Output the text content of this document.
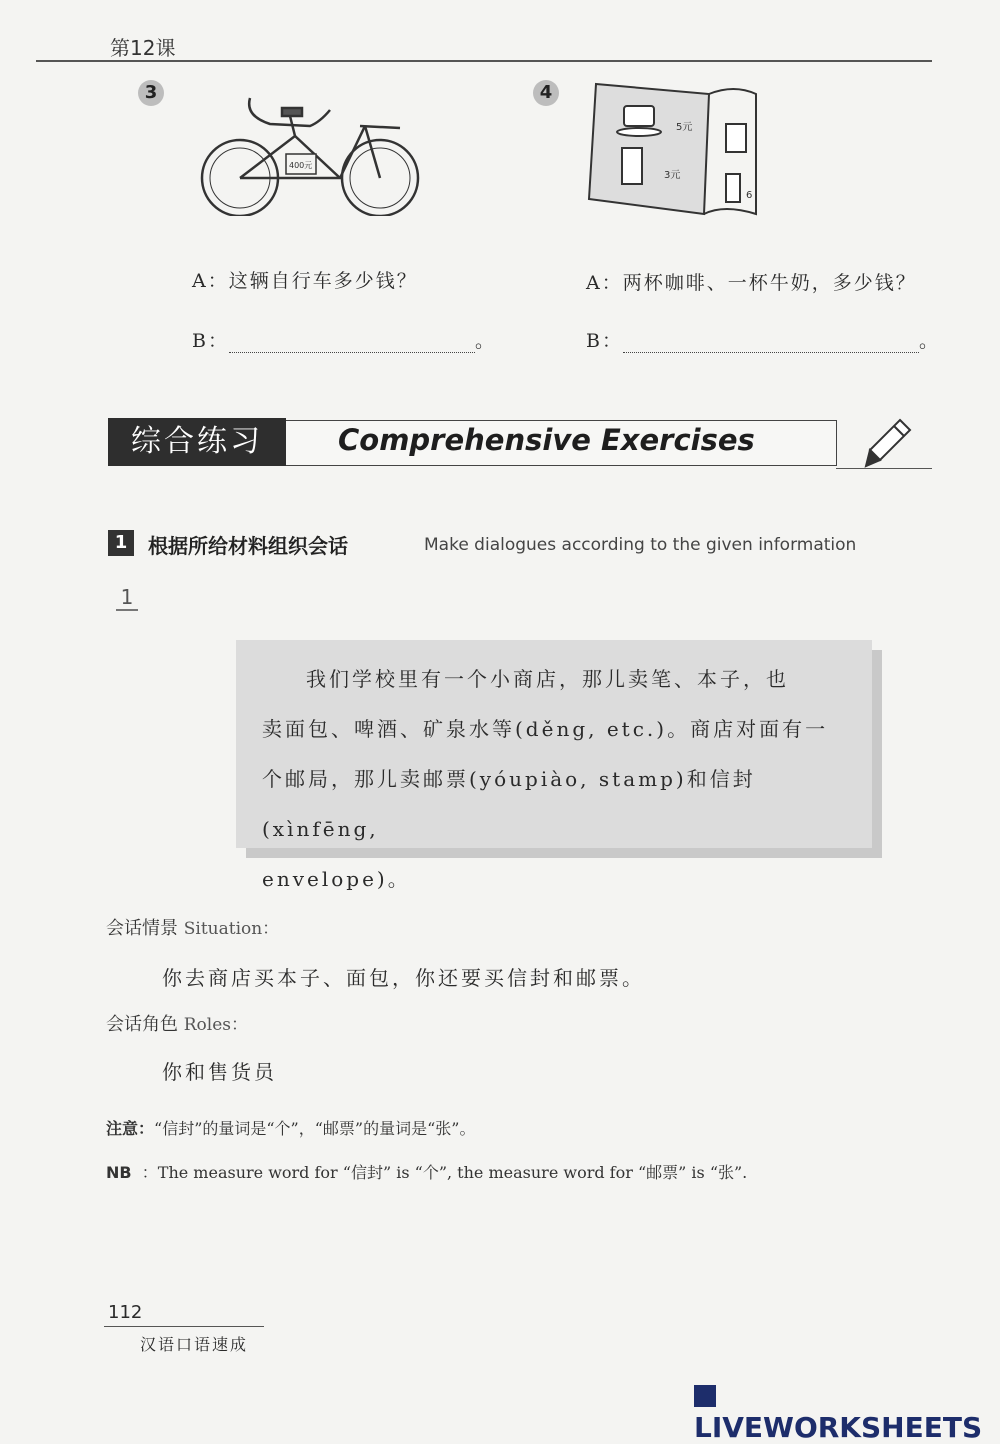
第12课
3
400元
A：这辆自行车多少钱？
B：	。
4
5元
3元
6
A：两杯咖啡、一杯牛奶，多少钱？
B：	。
综合练习	Comprehensive Exercises
1	根据所给材料组织会话	Make dialogues according to the given information
1

我们学校里有一个小商店，那儿卖笔、本子，也

卖面包、啤酒、矿泉水等(děng, etc.)。商店对面有一

个邮局，那儿卖邮票(yóupiào, stamp)和信封(xìnfēng,

envelope)。

会话情景 Situation：
你去商店买本子、面包，你还要买信封和邮票。
会话角色 Roles：
你和售货员
注意：“信封”的量词是“个”，“邮票”的量词是“张”。
NB ：The measure word for “信封” is “个”, the measure word for “邮票” is “张”.
112
汉语口语速成
LIVEWORKSHEETS
